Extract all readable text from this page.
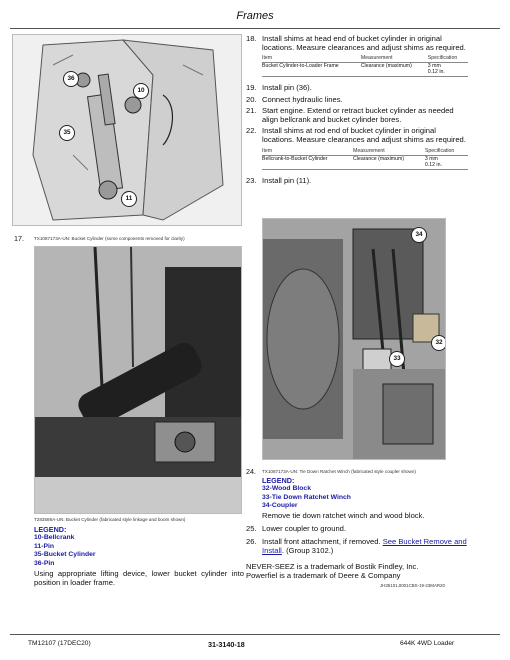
Frames
36
10
35
11
17. TX1087173A-UN: Bucket Cylinder (some components removed for clarity)
T283586A-UN: Bucket Cylinder (fabricated style linkage and boom shown)
LEGEND:
10-Bellcrank
11-Pin
35-Bucket Cylinder
36-Pin
Using appropriate lifting device, lower bucket cylinder into position in loader frame.
18. Install shims at head end of bucket cylinder in original locations. Measure clearances and adjust shims as required.
Item	Measurement	Specification
Bucket Cylinder-to-Loader Frame	Clearance (maximum)	3 mm
0.12 in.
19. Install pin (36).
20. Connect hydraulic lines.
21. Start engine. Extend or retract bucket cylinder as needed align bellcrank and bucket cylinder bores.
22. Install shims at rod end of bucket cylinder in original locations. Measure clearances and adjust shims as required.
Item	Measurement	Specification
Bellcrank-to-Bucket Cylinder	Clearance (maximum)	3 mm
0.12 in.
23. Install pin (11).
34
32
33
24. TX1087173A-UN: Tie Down Ratchet Winch (fabricated style coupler shown)
LEGEND:
32-Wood Block
33-Tie Down Ratchet Winch
34-Coupler
Remove tie down ratchet winch and wood block.
25. Lower coupler to ground.
26. Install front attachment, if removed. See Bucket Remove and Install. (Group 3102.)
NEVER-SEEZ is a trademark of Bostik Findley, Inc.
Powerfiel is a trademark of Deere & Company
JH35101,0001CBS-19-23MAR20
TM12107 (17DEC20)	31-3140-18	644K 4WD Loader
